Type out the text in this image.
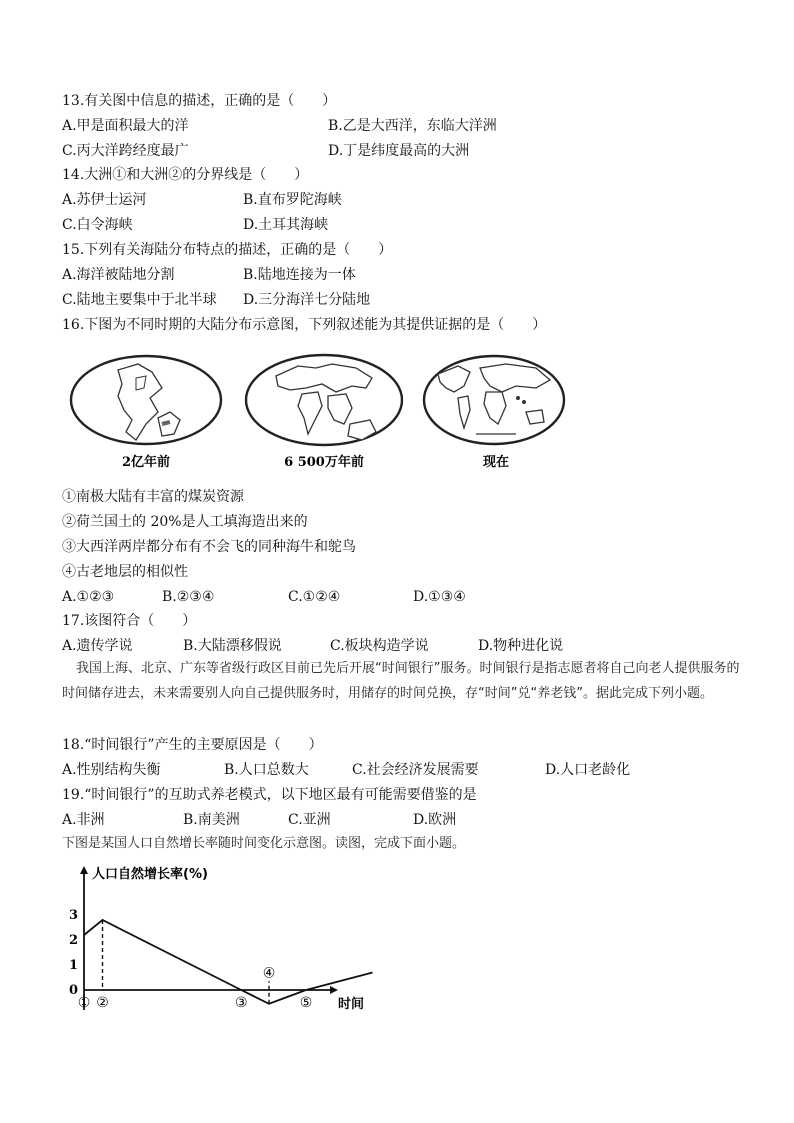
13.有关图中信息的描述，正确的是（　　）
A.甲是面积最大的洋	B.乙是大西洋，东临大洋洲
C.丙大洋跨经度最广	D.丁是纬度最高的大洲
14.大洲①和大洲②的分界线是（　　）
A.苏伊士运河	B.直布罗陀海峡
C.白令海峡	D.土耳其海峡
15.下列有关海陆分布特点的描述，正确的是（　　）
A.海洋被陆地分割	B.陆地连接为一体
C.陆地主要集中于北半球 D.三分海洋七分陆地
16.下图为不同时期的大陆分布示意图，下列叙述能为其提供证据的是（　　）
2亿年前	6 500万年前	现在
①南极大陆有丰富的煤炭资源
②荷兰国土的 20%是人工填海造出来的
③大西洋两岸都分布有不会飞的同种海牛和鸵鸟
④古老地层的相似性
A.①②③	B.②③④	C.①②④	D.①③④
17.该图符合（　　）
A.遗传学说	B.大陆漂移假说	C.板块构造学说	D.物种进化说
我国上海、北京、广东等省级行政区目前已先后开展“时间银行”服务。时间银行是指志愿者将自己向老人提供服务的时间储存进去，未来需要别人向自己提供服务时，用储存的时间兑换，存“时间”兑“养老钱”。据此完成下列小题。
18.“时间银行”产生的主要原因是（　　）
A.性别结构失衡	B.人口总数大	C.社会经济发展需要	D.人口老龄化
19.“时间银行”的互助式养老模式，以下地区最有可能需要借鉴的是
A.非洲	B.南美洲	C.亚洲	D.欧洲
下图是某国人口自然增长率随时间变化示意图。读图，完成下面小题。
人口自然增长率(%)
时间
3
2
1
0
① ②	③
④
⑤
